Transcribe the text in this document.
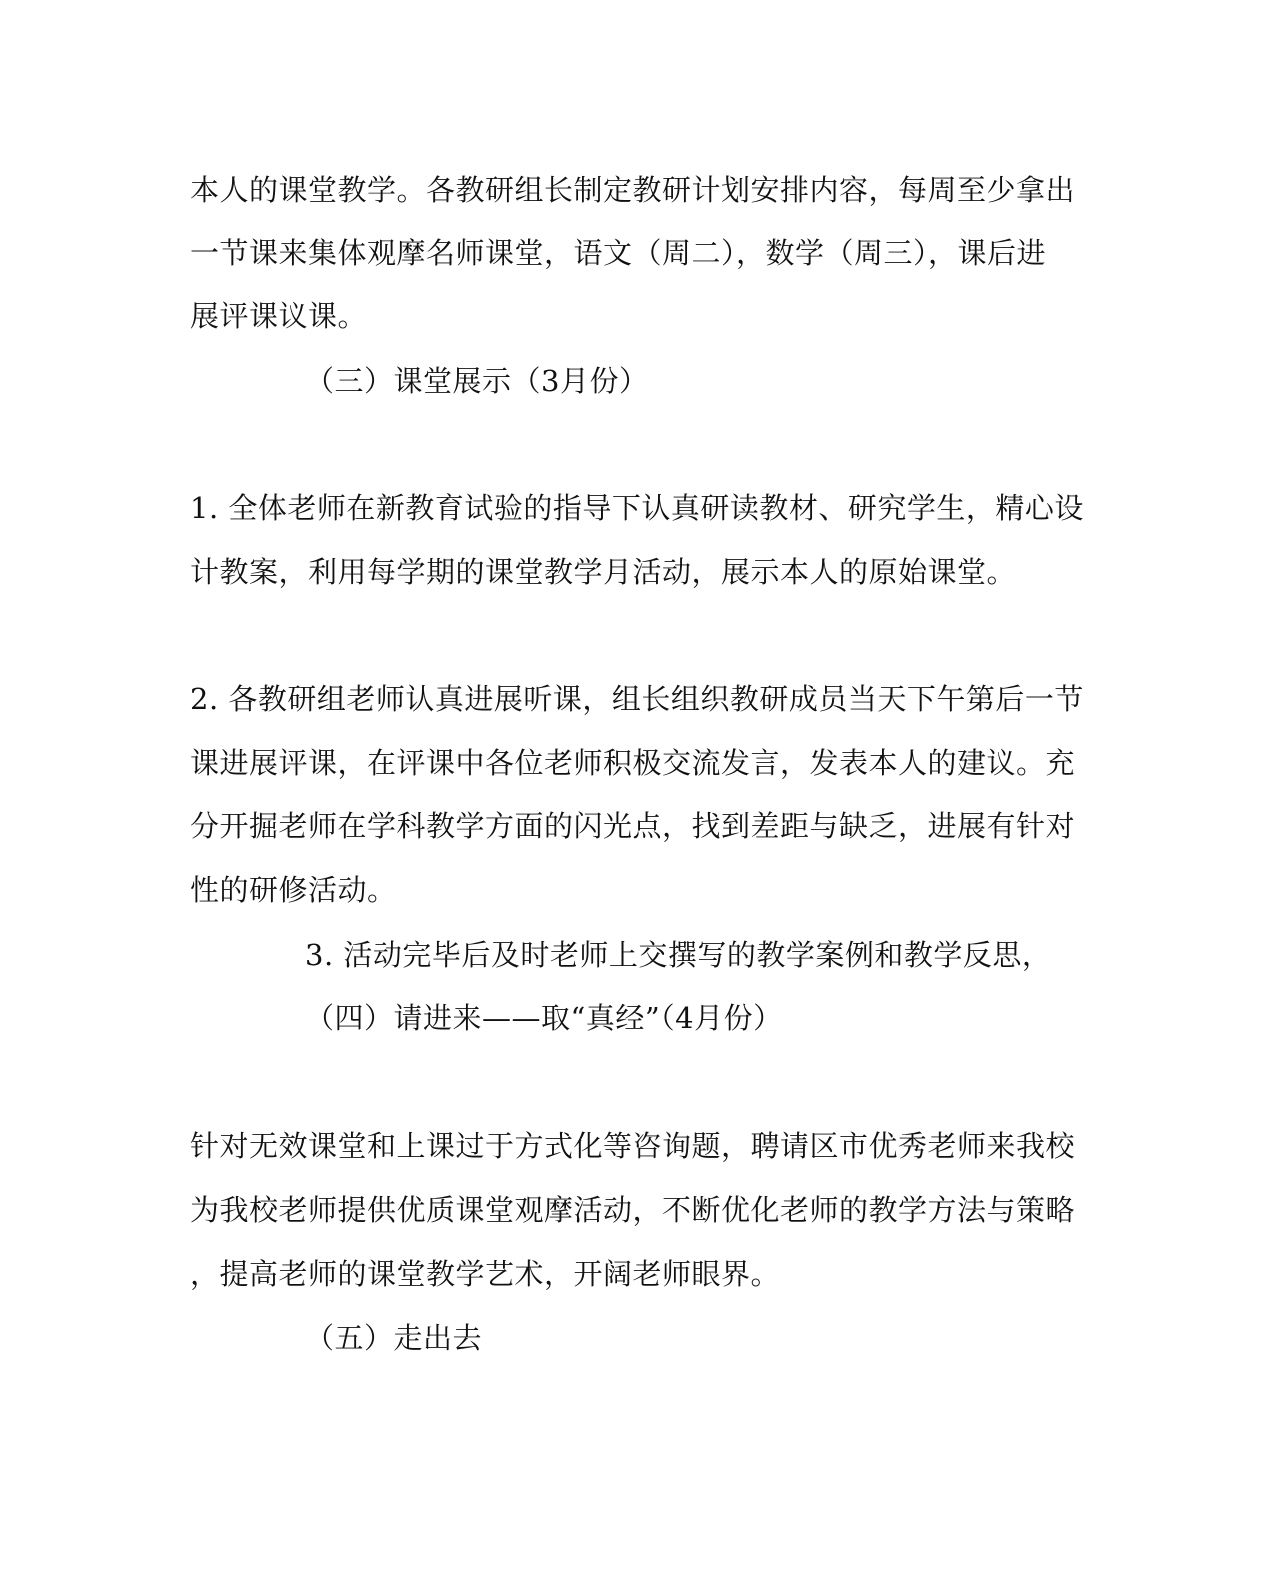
本人的课堂教学。各教研组长制定教研计划安排内容，每周至少拿出
一节课来集体观摩名师课堂，语文（周二），数学（周三），课后进
展评课议课。
（三）课堂展示（3月份）
1. 全体老师在新教育试验的指导下认真研读教材、研究学生，精心设
计教案，利用每学期的课堂教学月活动，展示本人的原始课堂。
2. 各教研组老师认真进展听课，组长组织教研成员当天下午第后一节
课进展评课，在评课中各位老师积极交流发言，发表本人的建议。充
分开掘老师在学科教学方面的闪光点，找到差距与缺乏，进展有针对
性的研修活动。
3. 活动完毕后及时老师上交撰写的教学案例和教学反思，
（四）请进来——取“真经”（4月份）
针对无效课堂和上课过于方式化等咨询题，聘请区市优秀老师来我校
为我校老师提供优质课堂观摩活动，不断优化老师的教学方法与策略
，提高老师的课堂教学艺术，开阔老师眼界。
（五）走出去
